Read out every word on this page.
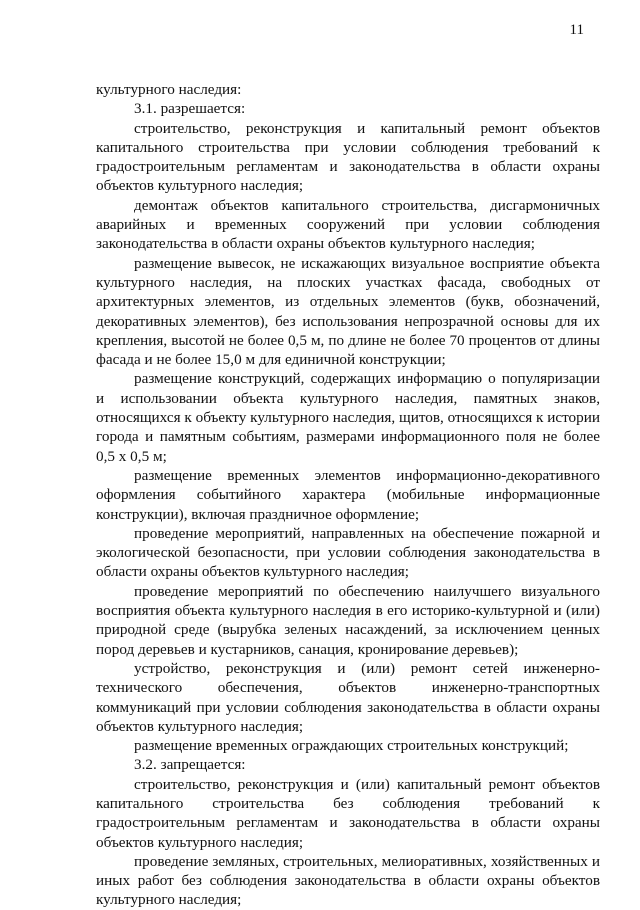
11

культурного наследия:

3.1. разрешается:

строительство, реконструкция и капитальный ремонт объектов капитального строительства при условии соблюдения требований к градостроительным регламентам и законодательства в области охраны объектов культурного наследия;

демонтаж объектов капитального строительства, дисгармоничных аварийных и временных сооружений при условии соблюдения законодательства в области охраны объектов культурного наследия;

размещение вывесок, не искажающих визуальное восприятие объекта культурного наследия, на плоских участках фасада, свободных от архитектурных элементов, из отдельных элементов (букв, обозначений, декоративных элементов), без использования непрозрачной основы для их крепления, высотой не более 0,5 м, по длине не более 70 процентов от длины фасада и не более 15,0 м для единичной конструкции;

размещение конструкций, содержащих информацию о популяризации и использовании объекта культурного наследия, памятных знаков, относящихся к объекту культурного наследия, щитов, относящихся к истории города и памятным событиям, размерами информационного поля не более 0,5 х 0,5 м;

размещение временных элементов информационно-декоративного оформления событийного характера (мобильные информационные конструкции), включая праздничное оформление;

проведение мероприятий, направленных на обеспечение пожарной и экологической безопасности, при условии соблюдения законодательства в области охраны объектов культурного наследия;

проведение мероприятий по обеспечению наилучшего визуального восприятия объекта культурного наследия в его историко-культурной и (или) природной среде (вырубка зеленых насаждений, за исключением ценных пород деревьев и кустарников, санация, кронирование деревьев);

устройство, реконструкция и (или) ремонт сетей инженерно-технического обеспечения, объектов инженерно-транспортных коммуникаций при условии соблюдения законодательства в области охраны объектов культурного наследия;

размещение временных ограждающих строительных конструкций;

3.2. запрещается:

строительство, реконструкция и (или) капитальный ремонт объектов капитального строительства без соблюдения требований к градостроительным регламентам и законодательства в области охраны объектов культурного наследия;

проведение земляных, строительных, мелиоративных, хозяйственных и иных работ без соблюдения законодательства в области охраны объектов культурного наследия;
